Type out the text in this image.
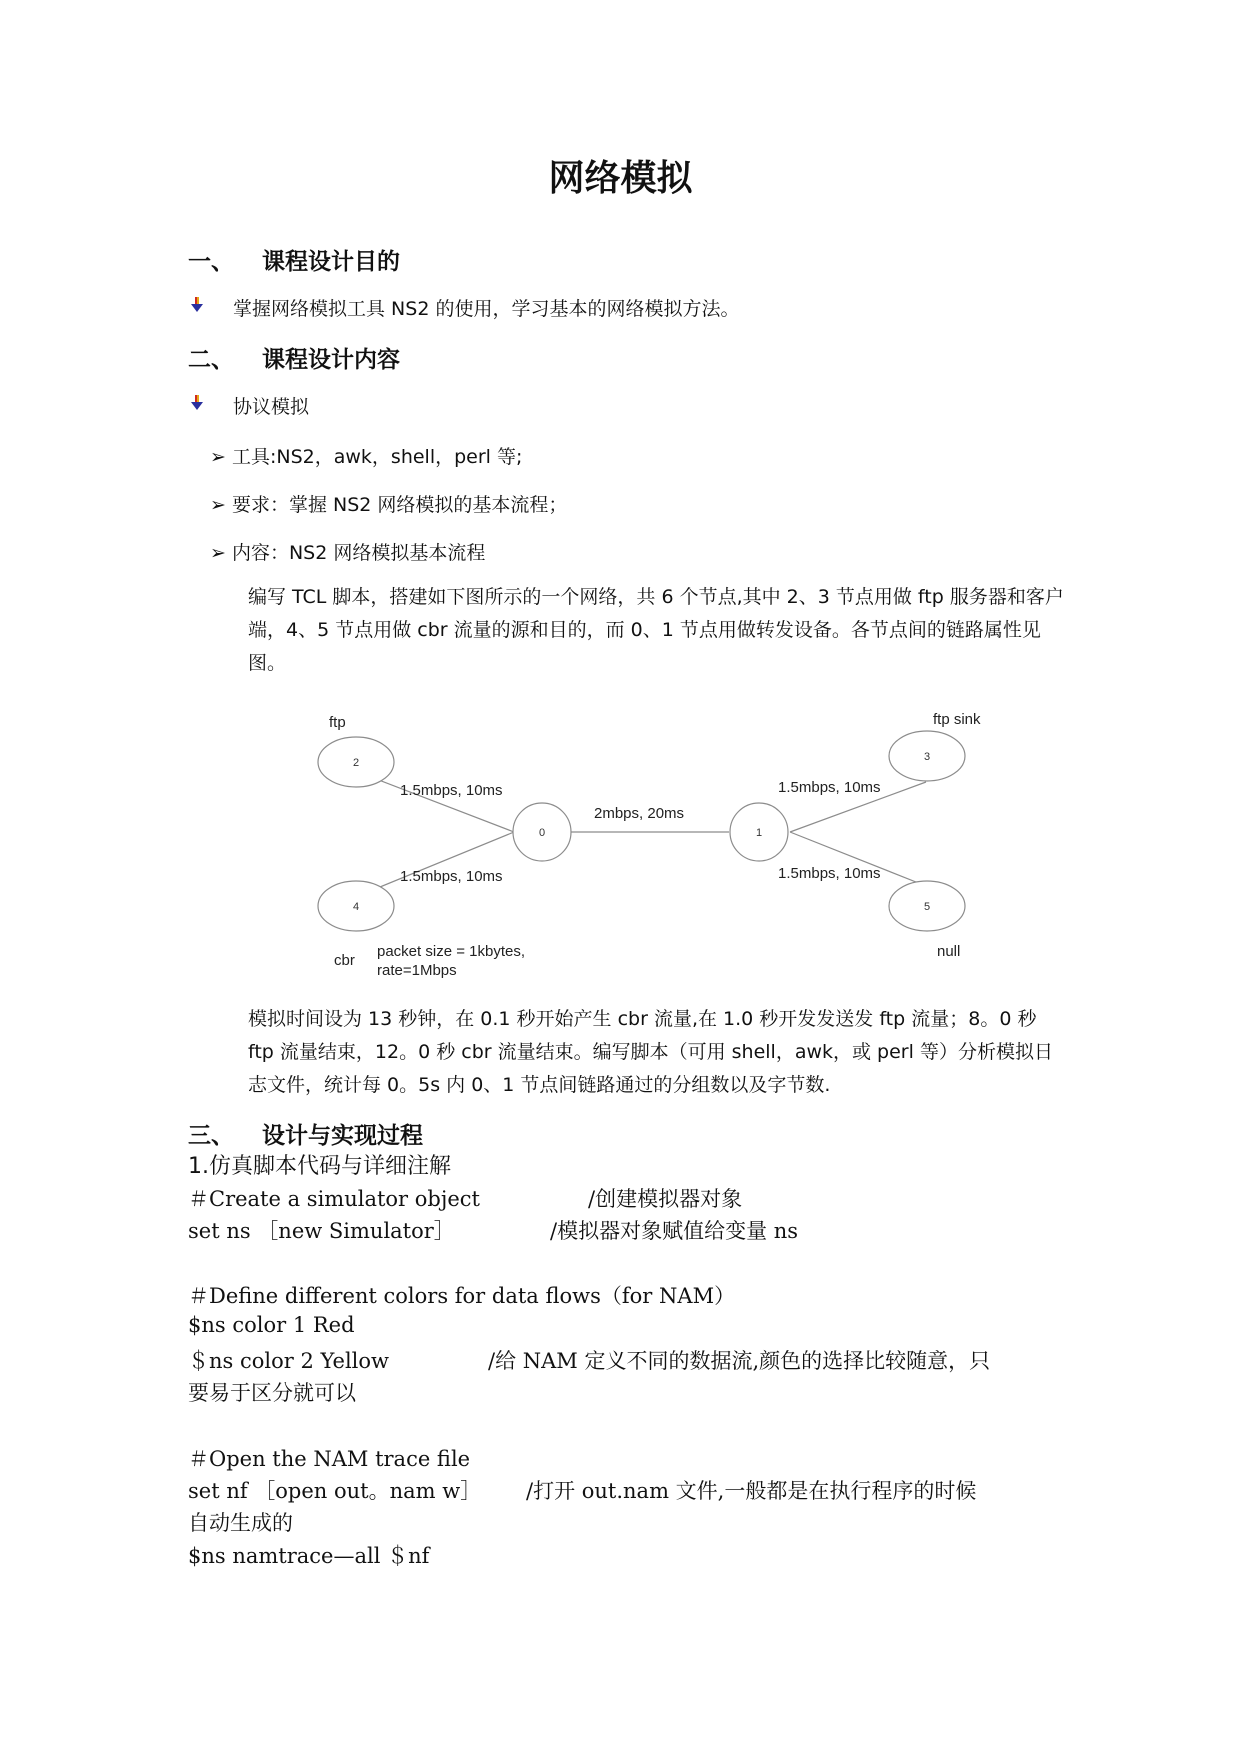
网络模拟
一、 课程设计目的
掌握网络模拟工具 NS2 的使用，学习基本的网络模拟方法。
二、 课程设计内容
协议模拟
➢ 工具:NS2，awk，shell，perl 等;
➢ 要求：掌握 NS2 网络模拟的基本流程；
➢ 内容：NS2 网络模拟基本流程
编写 TCL 脚本，搭建如下图所示的一个网络，共 6 个节点,其中 2、3 节点用做 ftp 服务器和客户端，4、5 节点用做 cbr 流量的源和目的，而 0、1 节点用做转发设备。各节点间的链路属性见图。
2
0	1
3
4	5
ftp	ftp sink
cbr
null
packet size = 1kbytes,
rate=1Mbps
1.5mbps, 10ms
1.5mbps, 10ms
2mbps, 20ms
1.5mbps, 10ms
1.5mbps, 10ms
模拟时间设为 13 秒钟，在 0.1 秒开始产生 cbr 流量,在 1.0 秒开发发送发 ftp 流量；8。0 秒 ftp 流量结束，12。0 秒 cbr 流量结束。编写脚本（可用 shell，awk，或 perl 等）分析模拟日志文件，统计每 0。5s 内 0、1 节点间链路通过的分组数以及字节数.
三、 设计与实现过程
1.仿真脚本代码与详细注解
＃Create a simulator object	/创建模拟器对象
set ns ［new Simulator］	/模拟器对象赋值给变量 ns
＃Define different colors for data flows（for NAM）
$ns color 1 Red
＄ns color 2 Yellow	/给 NAM 定义不同的数据流,颜色的选择比较随意，只
要易于区分就可以
＃Open the NAM trace file
set nf ［open out。nam w］ /打开 out.nam 文件,一般都是在执行程序的时候
自动生成的
$ns namtrace—all ＄nf
